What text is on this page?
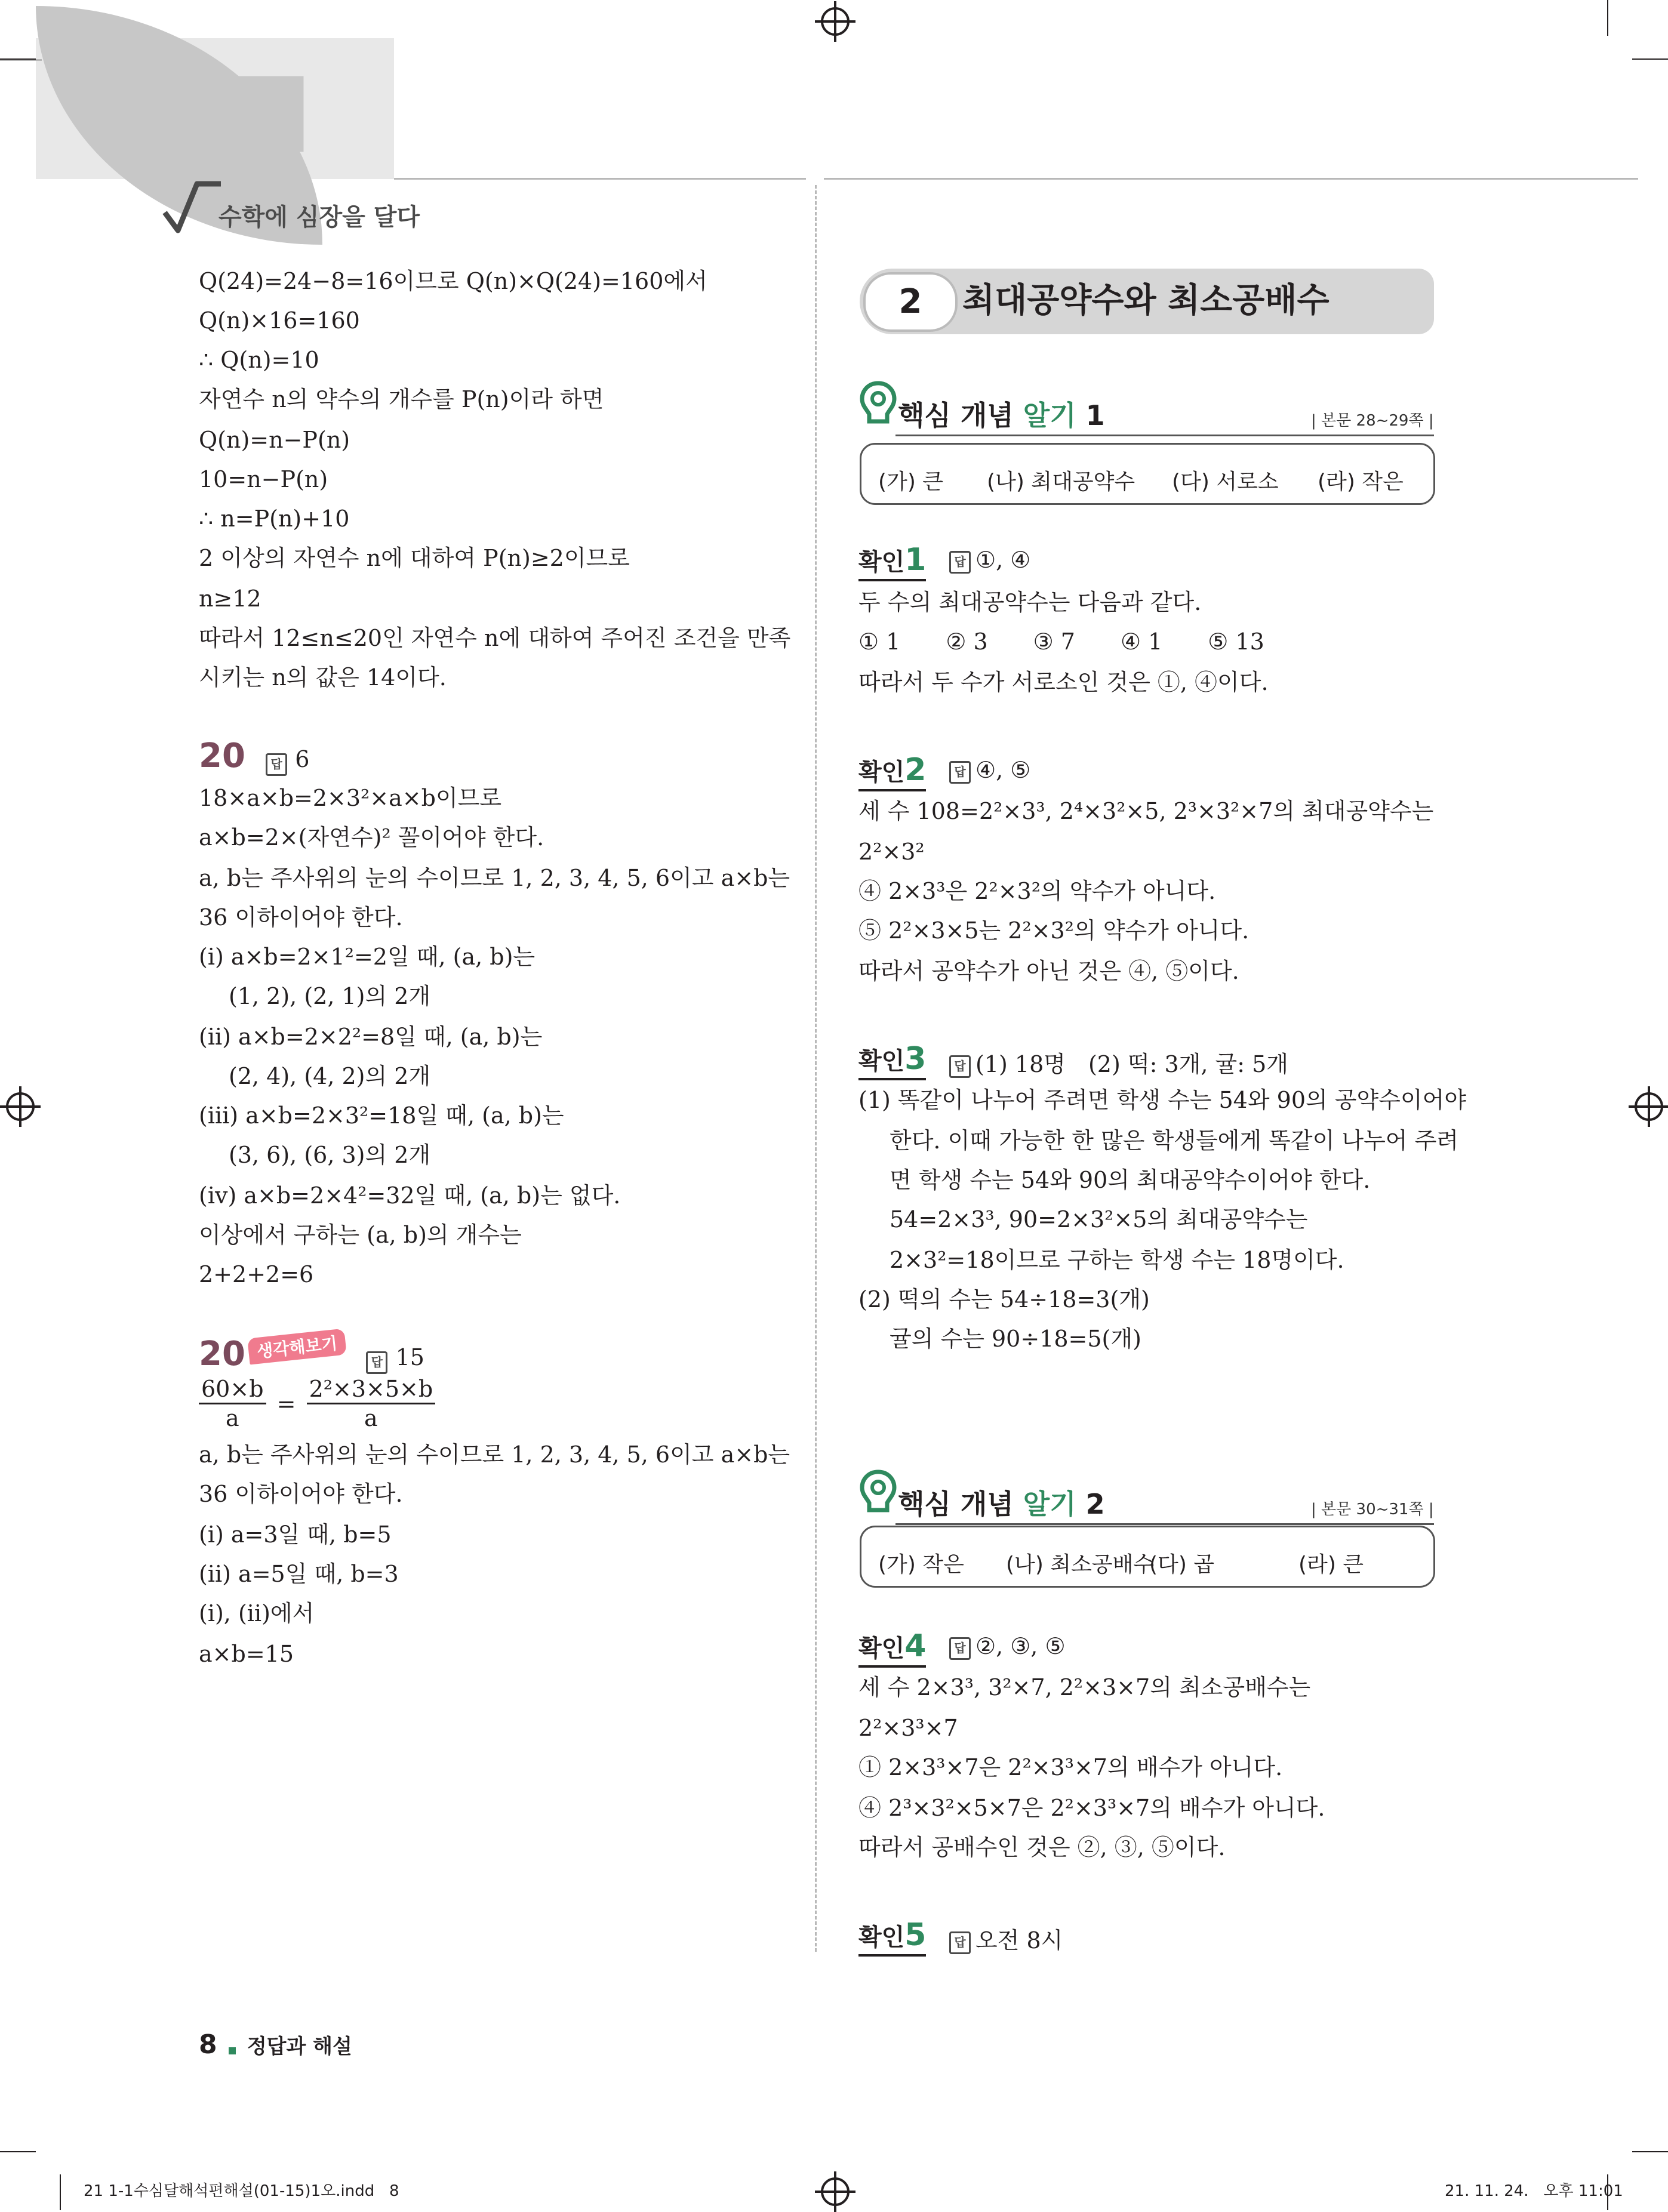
수학에 심장을 달다
Q(24)=24−8=16이므로 Q(n)×Q(24)=160에서
Q(n)×16=160
∴ Q(n)=10
자연수 n의 약수의 개수를 P(n)이라 하면
Q(n)=n−P(n)
10=n−P(n)
∴ n=P(n)+10
2 이상의 자연수 n에 대하여 P(n)≥2이므로
n≥12
따라서 12≤n≤20인 자연수 n에 대하여 주어진 조건을 만족
시키는 n의 값은 14이다.
20 답 6
18×a×b=2×3²×a×b이므로
a×b=2×(자연수)² 꼴이어야 한다.
a, b는 주사위의 눈의 수이므로 1, 2, 3, 4, 5, 6이고 a×b는
36 이하이어야 한다.
(ⅰ) a×b=2×1²=2일 때, (a, b)는
(1, 2), (2, 1)의 2개
(ⅱ) a×b=2×2²=8일 때, (a, b)는
(2, 4), (4, 2)의 2개
(ⅲ) a×b=2×3²=18일 때, (a, b)는
(3, 6), (6, 3)의 2개
(ⅳ) a×b=2×4²=32일 때, (a, b)는 없다.
이상에서 구하는 (a, b)의 개수는
2+2+2=6
20 생각해보기  답 15
$\frac{60\times b}{a} = \frac{\text{2²×3×5×b}}{a}$
a, b는 주사위의 눈의 수이므로 1, 2, 3, 4, 5, 6이고 a×b는
36 이하이어야 한다.
(ⅰ) a=3일 때, b=5
(ⅱ) a=5일 때, b=3
(ⅰ), (ⅱ)에서
a×b=15
2	최대공약수와 최소공배수
핵심 개념 알기 1	| 본문 28~29쪽 |
(가) 큰 (나) 최대공약수 (다) 서로소 (라) 작은
확인1	답 ①, ④
두 수의 최대공약수는 다음과 같다.
① 1　　② 3　　③ 7　　④ 1　　⑤ 13
따라서 두 수가 서로소인 것은 ①, ④이다.
확인2	답 ④, ⑤
세 수 108=2²×3³, 2⁴×3²×5, 2³×3²×7의 최대공약수는
2²×3²
④ 2×3³은 2²×3²의 약수가 아니다.
⑤ 2²×3×5는 2²×3²의 약수가 아니다.
따라서 공약수가 아닌 것은 ④, ⑤이다.
확인3	답 (1) 18명　(2) 떡: 3개, 귤: 5개
(1) 똑같이 나누어 주려면 학생 수는 54와 90의 공약수이어야
한다. 이때 가능한 한 많은 학생들에게 똑같이 나누어 주려
면 학생 수는 54와 90의 최대공약수이어야 한다.
54=2×3³, 90=2×3²×5의 최대공약수는
2×3²=18이므로 구하는 학생 수는 18명이다.
(2) 떡의 수는 54÷18=3(개)
귤의 수는 90÷18=5(개)
핵심 개념 알기 2	| 본문 30~31쪽 |
(가) 작은 (나) 최소공배수
(다) 곱	(라) 큰
확인4	답 ②, ③, ⑤
세 수 2×3³, 3²×7, 2²×3×7의 최소공배수는
2²×3³×7
① 2×3³×7은 2²×3³×7의 배수가 아니다.
④ 2³×3²×5×7은 2²×3³×7의 배수가 아니다.
따라서 공배수인 것은 ②, ③, ⑤이다.
확인5	답 오전 8시
8 정답과 해설
21 1-1수심달해석편해설(01-15)1오.indd   8	21. 11. 24.   오후 11:01
